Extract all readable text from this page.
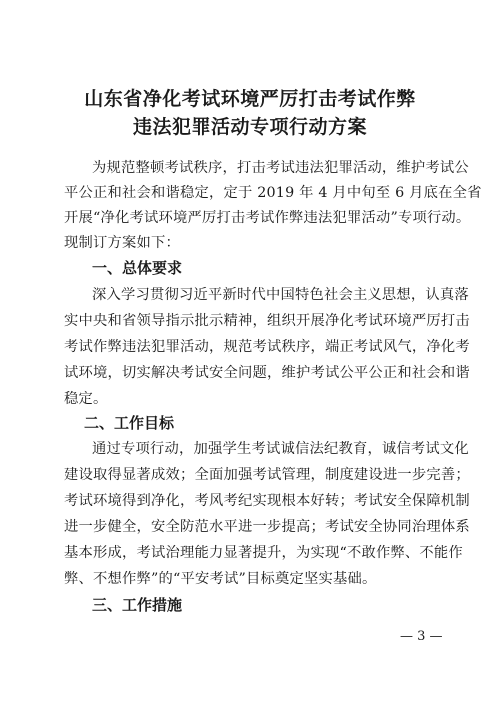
山东省净化考试环境严厉打击考试作弊
违法犯罪活动专项行动方案
为规范整顿考试秩序，打击考试违法犯罪活动，维护考试公
平公正和社会和谐稳定，定于 2019 年 4 月中旬至 6 月底在全省
开展“净化考试环境严厉打击考试作弊违法犯罪活动”专项行动。
现制订方案如下：
一、总体要求
深入学习贯彻习近平新时代中国特色社会主义思想，认真落
实中央和省领导指示批示精神，组织开展净化考试环境严厉打击
考试作弊违法犯罪活动，规范考试秩序，端正考试风气，净化考
试环境，切实解决考试安全问题，维护考试公平公正和社会和谐
稳定。
二、工作目标
通过专项行动，加强学生考试诚信法纪教育，诚信考试文化
建设取得显著成效；全面加强考试管理，制度建设进一步完善；
考试环境得到净化，考风考纪实现根本好转；考试安全保障机制
进一步健全，安全防范水平进一步提高；考试安全协同治理体系
基本形成，考试治理能力显著提升，为实现“不敢作弊、不能作
弊、不想作弊”的“平安考试”目标奠定坚实基础。
三、工作措施
— 3 —
